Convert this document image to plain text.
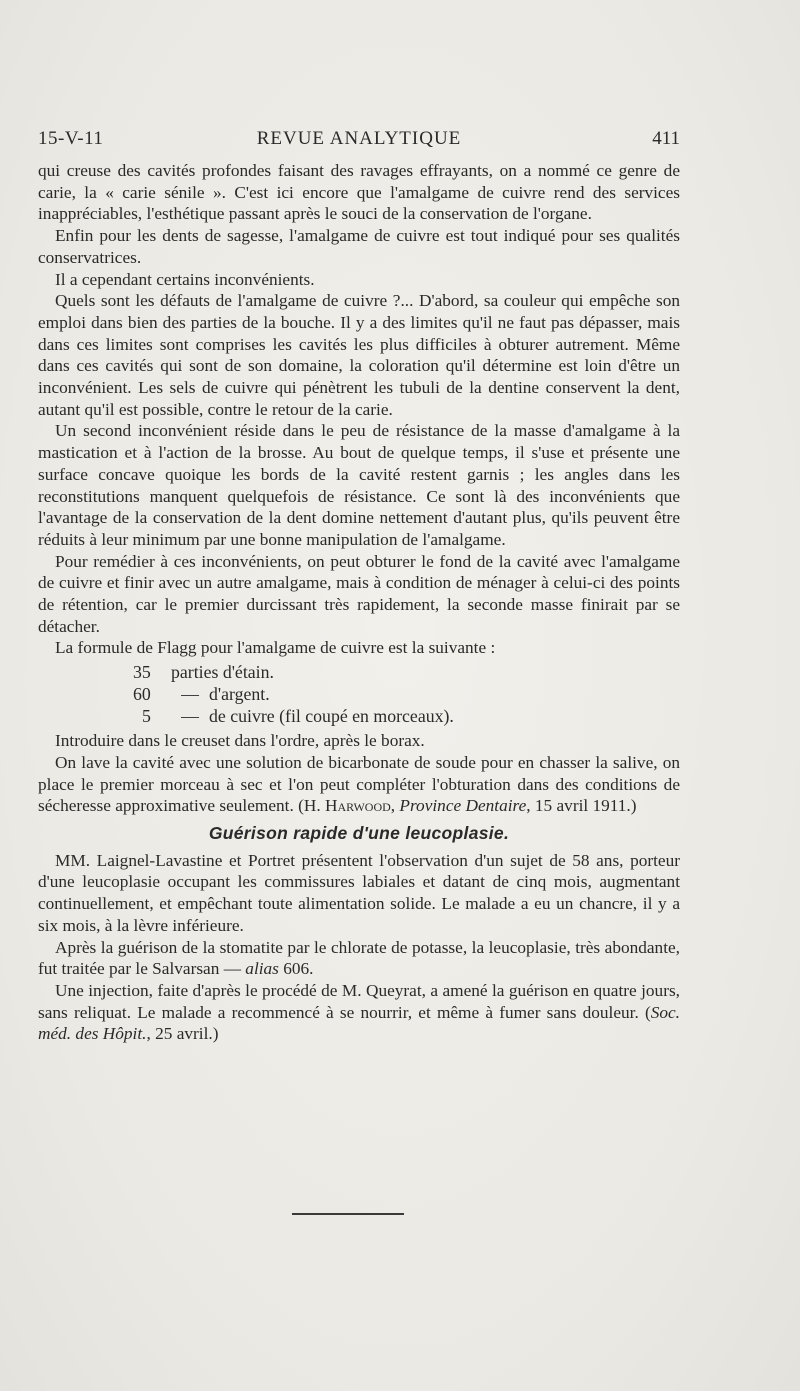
15-V-11	REVUE ANALYTIQUE	411

qui creuse des cavités profondes faisant des ravages effrayants, on a nommé ce genre de carie, la « carie sénile ». C'est ici encore que l'amalgame de cuivre rend des services inappréciables, l'esthétique passant après le souci de la conservation de l'organe.

Enfin pour les dents de sagesse, l'amalgame de cuivre est tout indiqué pour ses qualités conservatrices.

Il a cependant certains inconvénients.

Quels sont les défauts de l'amalgame de cuivre ?... D'abord, sa couleur qui empêche son emploi dans bien des parties de la bouche. Il y a des limites qu'il ne faut pas dépasser, mais dans ces limites sont comprises les cavités les plus difficiles à obturer autrement. Même dans ces cavités qui sont de son domaine, la coloration qu'il détermine est loin d'être un inconvénient. Les sels de cuivre qui pénètrent les tubuli de la dentine conservent la dent, autant qu'il est possible, contre le retour de la carie.

Un second inconvénient réside dans le peu de résistance de la masse d'amalgame à la mastication et à l'action de la brosse. Au bout de quelque temps, il s'use et présente une surface concave quoique les bords de la cavité restent garnis ; les angles dans les reconstitutions manquent quelquefois de résistance. Ce sont là des inconvénients que l'avantage de la conservation de la dent domine nettement d'autant plus, qu'ils peuvent être réduits à leur minimum par une bonne manipulation de l'amalgame.

Pour remédier à ces inconvénients, on peut obturer le fond de la cavité avec l'amalgame de cuivre et finir avec un autre amalgame, mais à condition de ménager à celui-ci des points de rétention, car le premier durcissant très rapidement, la seconde masse finirait par se détacher.

La formule de Flagg pour l'amalgame de cuivre est la suivante :

35	parties d'étain.
60	— d'argent.
5	— de cuivre (fil coupé en morceaux).

Introduire dans le creuset dans l'ordre, après le borax.

On lave la cavité avec une solution de bicarbonate de soude pour en chasser la salive, on place le premier morceau à sec et l'on peut compléter l'obturation dans des conditions de sécheresse approximative seulement. (H. Harwood, Province Dentaire, 15 avril 1911.)

Guérison rapide d'une leucoplasie.

MM. Laignel-Lavastine et Portret présentent l'observation d'un sujet de 58 ans, porteur d'une leucoplasie occupant les commissures labiales et datant de cinq mois, augmentant continuellement, et empêchant toute alimentation solide. Le malade a eu un chancre, il y a six mois, à la lèvre inférieure.

Après la guérison de la stomatite par le chlorate de potasse, la leucoplasie, très abondante, fut traitée par le Salvarsan — alias 606.

Une injection, faite d'après le procédé de M. Queyrat, a amené la guérison en quatre jours, sans reliquat. Le malade a recommencé à se nourrir, et même à fumer sans douleur. (Soc. méd. des Hôpit., 25 avril.)
